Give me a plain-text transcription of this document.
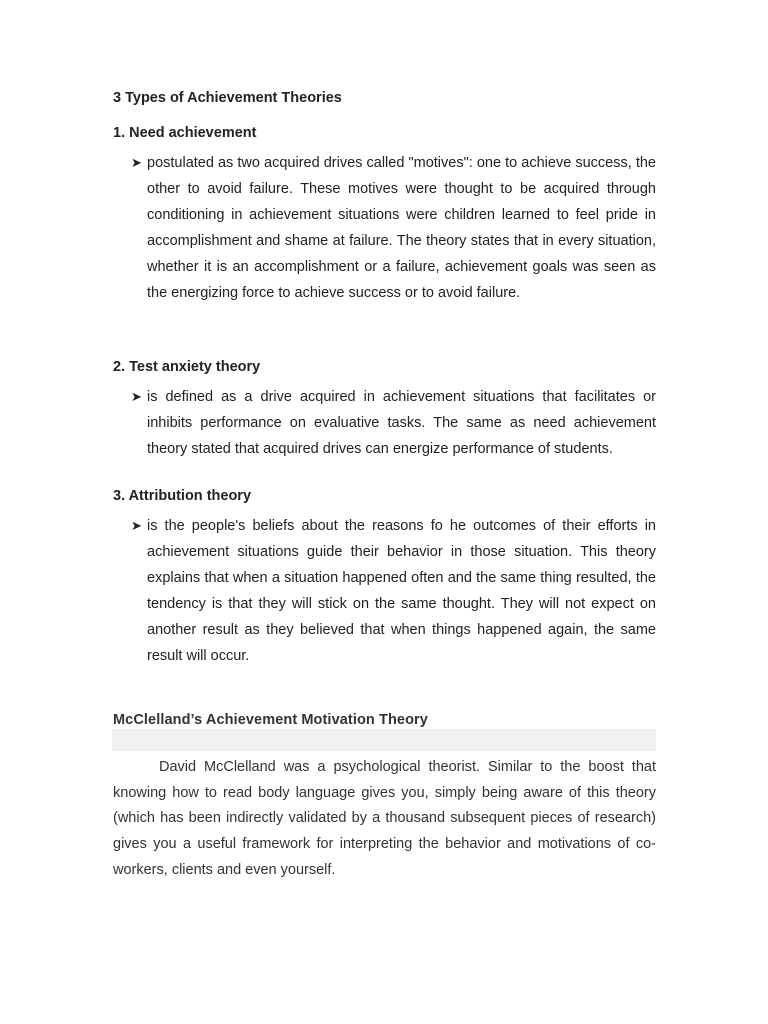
3 Types of Achievement Theories
1. Need achievement
➤ postulated as two acquired drives called "motives": one to achieve success, the other to avoid failure. These motives were thought to be acquired through conditioning in achievement situations were children learned to feel pride in accomplishment and shame at failure. The theory states that in every situation, whether it is an accomplishment or a failure, achievement goals was seen as the energizing force to achieve success or to avoid failure.
2. Test anxiety theory
➤ is defined as a drive acquired in achievement situations that facilitates or inhibits performance on evaluative tasks. The same as need achievement theory stated that acquired drives can energize performance of students.
3. Attribution theory
➤ is the people's beliefs about the reasons fo he outcomes of their efforts in achievement situations guide their behavior in those situation. This theory explains that when a situation happened often and the same thing resulted, the tendency is that they will stick on the same thought. They will not expect on another result as they believed that when things happened again, the same result will occur.
McClelland’s Achievement Motivation Theory
David McClelland was a psychological theorist. Similar to the boost that knowing how to read body language gives you, simply being aware of this theory (which has been indirectly validated by a thousand subsequent pieces of research) gives you a useful framework for interpreting the behavior and motivations of co-workers, clients and even yourself.
